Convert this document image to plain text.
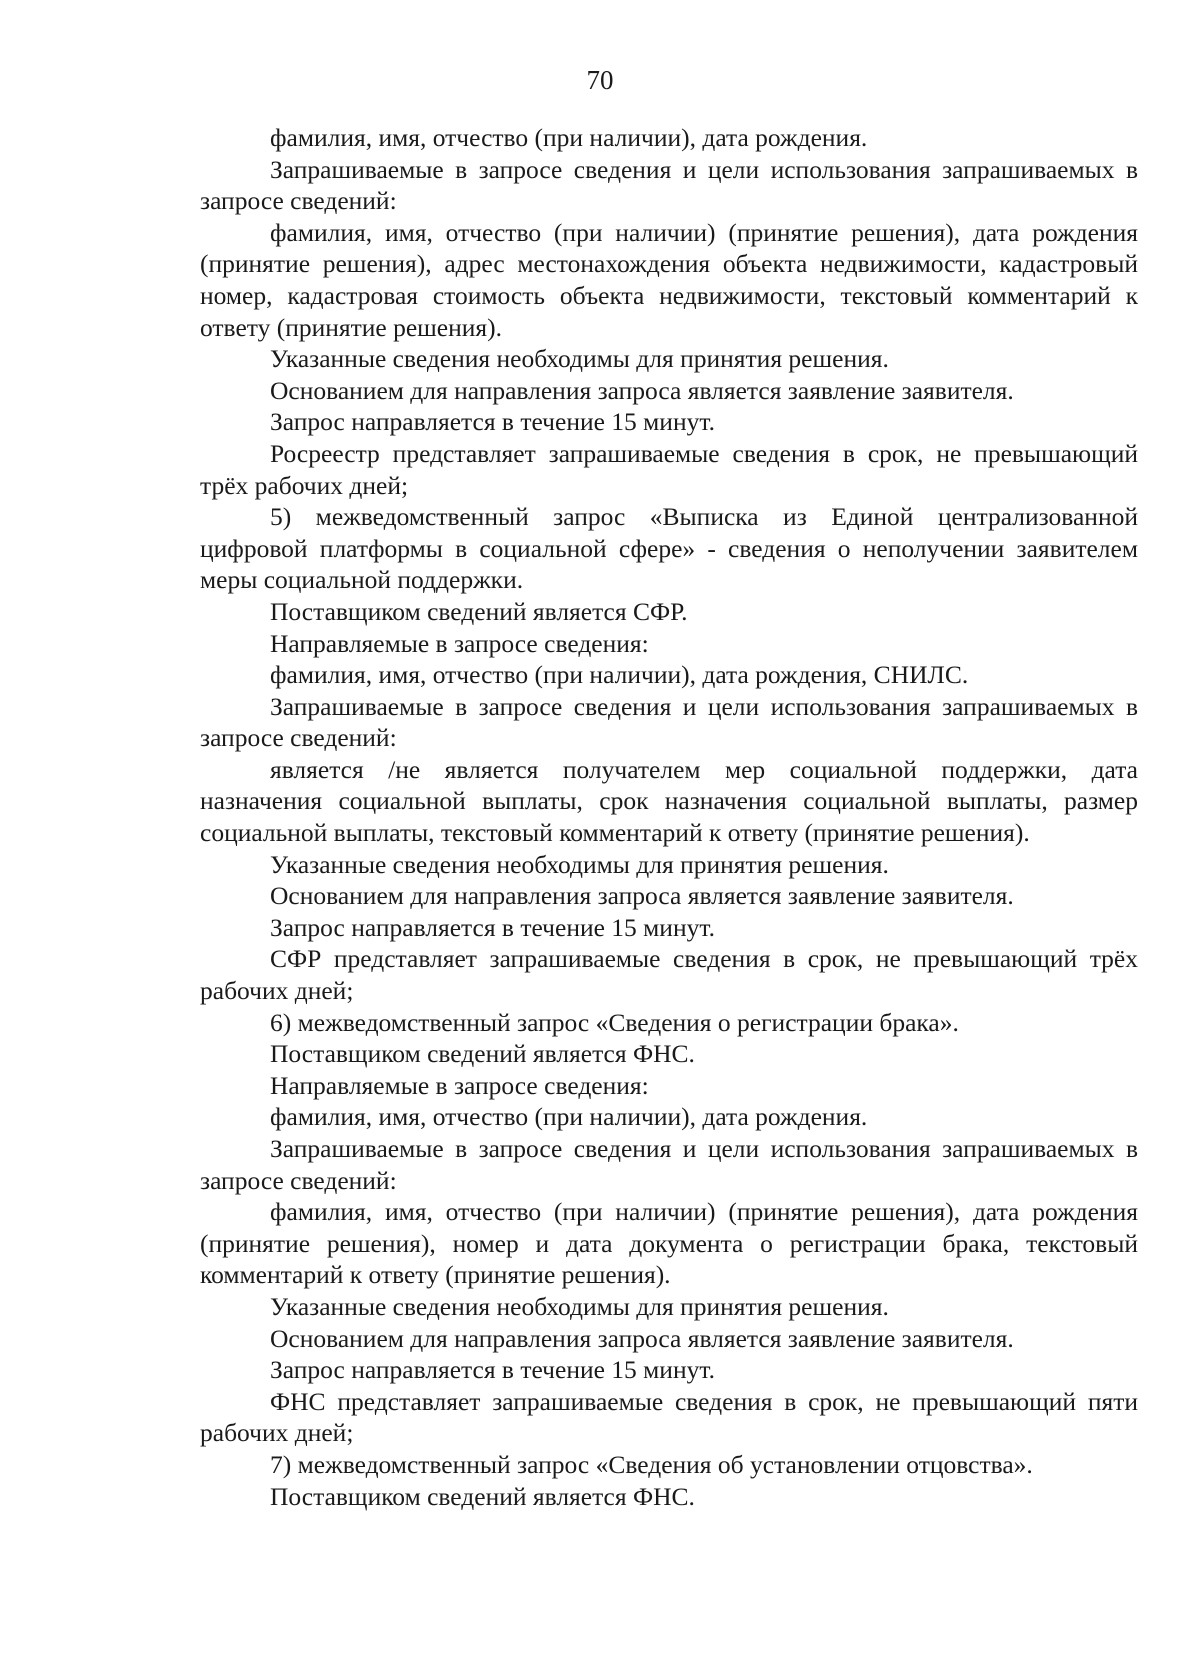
70

фамилия, имя, отчество (при наличии), дата рождения.

Запрашиваемые в запросе сведения и цели использования запрашиваемых в запросе сведений:

фамилия, имя, отчество (при наличии) (принятие решения), дата рождения (принятие решения), адрес местонахождения объекта недвижимости, кадастровый номер, кадастровая стоимость объекта недвижимости, текстовый комментарий к ответу (принятие решения).

Указанные сведения необходимы для принятия решения.

Основанием для направления запроса является заявление заявителя.

Запрос направляется в течение 15 минут.

Росреестр представляет запрашиваемые сведения в срок, не превышающий трёх рабочих дней;

5) межведомственный запрос «Выписка из Единой централизованной цифровой платформы в социальной сфере» - сведения о неполучении заявителем меры социальной поддержки.

Поставщиком сведений является СФР.

Направляемые в запросе сведения:

фамилия, имя, отчество (при наличии), дата рождения, СНИЛС.

Запрашиваемые в запросе сведения и цели использования запрашиваемых в запросе сведений:

является /не является получателем мер социальной поддержки, дата назначения социальной выплаты, срок назначения социальной выплаты, размер социальной выплаты, текстовый комментарий к ответу (принятие решения).

Указанные сведения необходимы для принятия решения.

Основанием для направления запроса является заявление заявителя.

Запрос направляется в течение 15 минут.

СФР представляет запрашиваемые сведения в срок, не превышающий трёх рабочих дней;

6) межведомственный запрос «Сведения о регистрации брака».

Поставщиком сведений является ФНС.

Направляемые в запросе сведения:

фамилия, имя, отчество (при наличии), дата рождения.

Запрашиваемые в запросе сведения и цели использования запрашиваемых в запросе сведений:

фамилия, имя, отчество (при наличии) (принятие решения), дата рождения (принятие решения), номер и дата документа о регистрации брака, текстовый комментарий к ответу (принятие решения).

Указанные сведения необходимы для принятия решения.

Основанием для направления запроса является заявление заявителя.

Запрос направляется в течение 15 минут.

ФНС представляет запрашиваемые сведения в срок, не превышающий пяти рабочих дней;

7) межведомственный запрос «Сведения об установлении отцовства».

Поставщиком сведений является ФНС.
